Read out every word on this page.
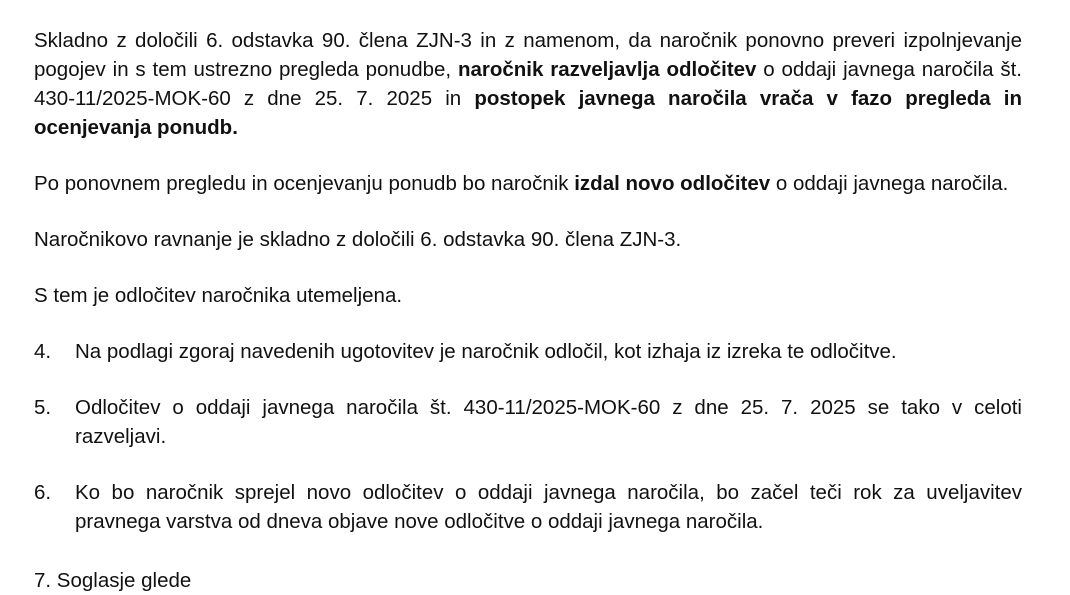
Skladno z določili 6. odstavka 90. člena ZJN-3 in z namenom, da naročnik ponovno preveri izpolnjevanje pogojev in s tem ustrezno pregleda ponudbe, naročnik razveljavlja odločitev o oddaji javnega naročila št. 430-11/2025-MOK-60 z dne 25. 7. 2025 in postopek javnega naročila vrača v fazo pregleda in ocenjevanja ponudb.

Po ponovnem pregledu in ocenjevanju ponudb bo naročnik izdal novo odločitev o oddaji javnega naročila.

Naročnikovo ravnanje je skladno z določili 6. odstavka 90. člena ZJN-3.

S tem je odločitev naročnika utemeljena.

4.	Na podlagi zgoraj navedenih ugotovitev je naročnik odločil, kot izhaja iz izreka te odločitve.
5.	Odločitev o oddaji javnega naročila št. 430-11/2025-MOK-60 z dne 25. 7. 2025 se tako v celoti razveljavi.
6.	Ko bo naročnik sprejel novo odločitev o oddaji javnega naročila, bo začel teči rok za uveljavitev pravnega varstva od dneva objave nove odločitve o oddaji javnega naročila.
7. Soglasje glede
